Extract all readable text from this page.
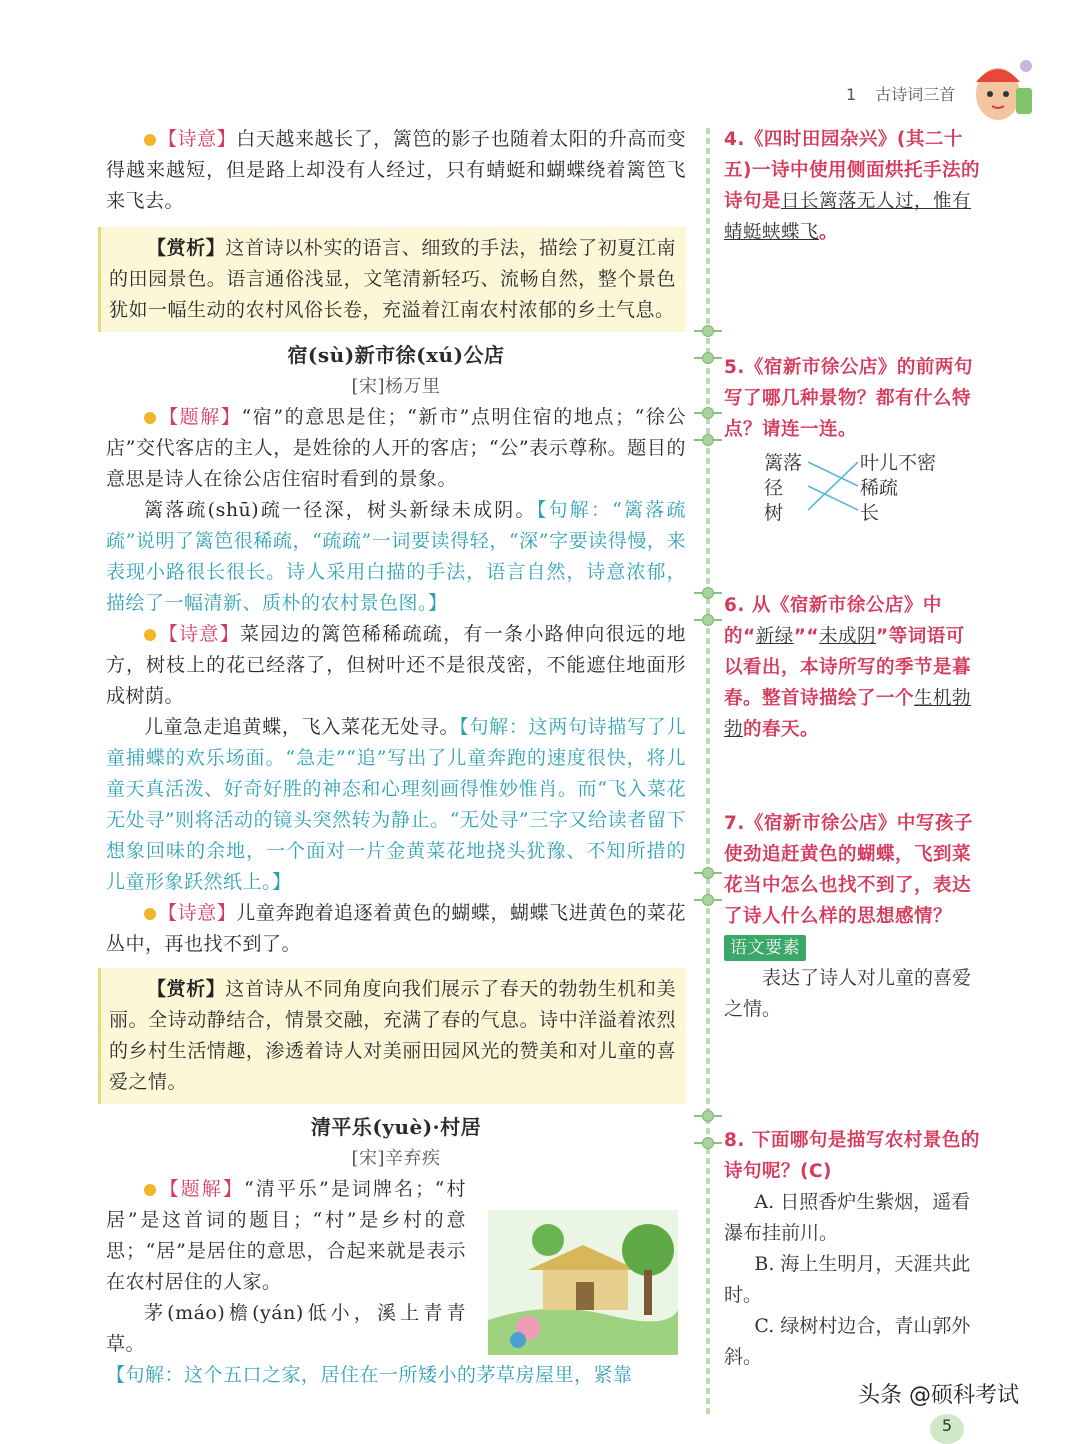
1 古诗词三首

【诗意】白天越来越长了，篱笆的影子也随着太阳的升高而变得越来越短，但是路上却没有人经过，只有蜻蜓和蝴蝶绕着篱笆飞来飞去。

【赏析】这首诗以朴实的语言、细致的手法，描绘了初夏江南的田园景色。语言通俗浅显，文笔清新轻巧、流畅自然，整个景色犹如一幅生动的农村风俗长卷，充溢着江南农村浓郁的乡土气息。

宿(sù)新市徐(xú)公店

[宋]杨万里

【题解】“宿”的意思是住；“新市”点明住宿的地点；“徐公店”交代客店的主人，是姓徐的人开的客店；“公”表示尊称。题目的意思是诗人在徐公店住宿时看到的景象。

篱落疏(shū)疏一径深，树头新绿未成阴。【句解：“篱落疏疏”说明了篱笆很稀疏，“疏疏”一词要读得轻，“深”字要读得慢，来表现小路很长很长。诗人采用白描的手法，语言自然，诗意浓郁，描绘了一幅清新、质朴的农村景色图。】

【诗意】菜园边的篱笆稀稀疏疏，有一条小路伸向很远的地方，树枝上的花已经落了，但树叶还不是很茂密，不能遮住地面形成树荫。

儿童急走追黄蝶，飞入菜花无处寻。【句解：这两句诗描写了儿童捕蝶的欢乐场面。“急走”“追”写出了儿童奔跑的速度很快，将儿童天真活泼、好奇好胜的神态和心理刻画得惟妙惟肖。而“飞入菜花无处寻”则将活动的镜头突然转为静止。“无处寻”三字又给读者留下想象回味的余地，一个面对一片金黄菜花地挠头犹豫、不知所措的儿童形象跃然纸上。】

【诗意】儿童奔跑着追逐着黄色的蝴蝶，蝴蝶飞进黄色的菜花丛中，再也找不到了。

【赏析】这首诗从不同角度向我们展示了春天的勃勃生机和美丽。全诗动静结合，情景交融，充满了春的气息。诗中洋溢着浓烈的乡村生活情趣，渗透着诗人对美丽田园风光的赞美和对儿童的喜爱之情。

清平乐(yuè)·村居

[宋]辛弃疾

【题解】“清平乐”是词牌名；“村居”是这首词的题目；“村”是乡村的意思；“居”是居住的意思，合起来就是表示在农村居住的人家。

茅(máo)檐(yán)低小，溪上青青草。

【句解：这个五口之家，居住在一所矮小的茅草房屋里，紧靠

4.《四时田园杂兴》(其二十五)一诗中使用侧面烘托手法的诗句是日长篱落无人过，惟有蜻蜓蛱蝶飞。

5.《宿新市徐公店》的前两句写了哪几种景物？都有什么特点？请连一连。

篱落
径
树
叶儿不密
稀疏
长

6. 从《宿新市徐公店》中的“新绿”“未成阴”等词语可以看出，本诗所写的季节是暮春。整首诗描绘了一个生机勃勃的春天。

7.《宿新市徐公店》中写孩子使劲追赶黄色的蝴蝶，飞到菜花当中怎么也找不到了，表达了诗人什么样的思想感情？语文要素

表达了诗人对儿童的喜爱之情。

8. 下面哪句是描写农村景色的诗句呢？(C)

A. 日照香炉生紫烟，遥看瀑布挂前川。

B. 海上生明月，天涯共此时。

C. 绿树村边合，青山郭外斜。

头条 @硕科考试
5
